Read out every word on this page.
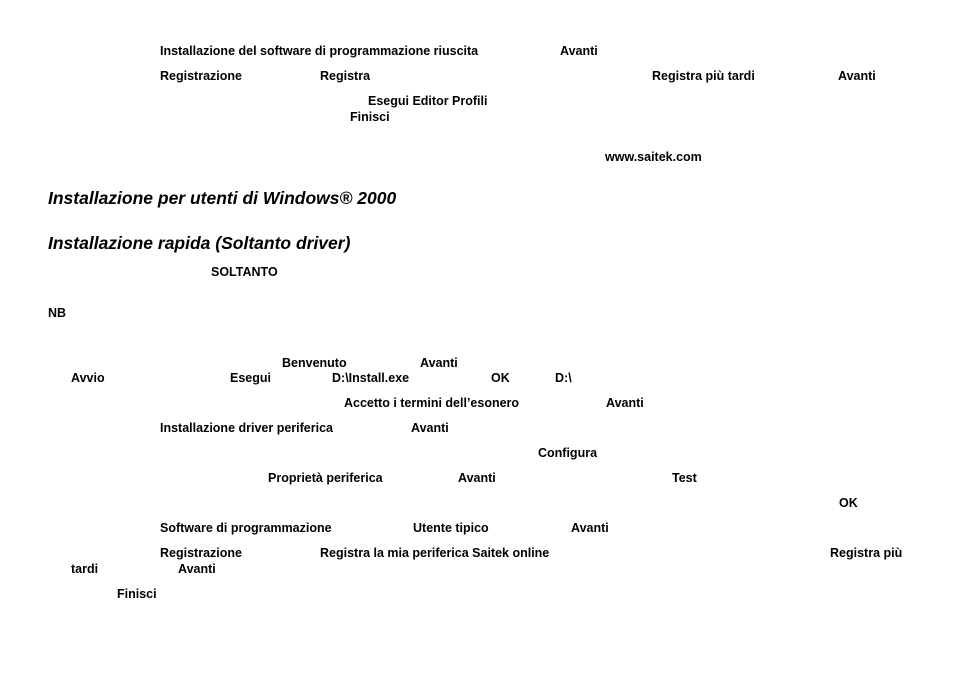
Installazione del software di programmazione riuscita	Avanti
Registrazione	Registra	Registra più tardi	Avanti
Esegui Editor Profili
Finisci
www.saitek.com
Installazione per utenti di Windows® 2000
Installazione rapida (Soltanto driver)
SOLTANTO
NB
Benvenuto	Avanti
Avvio	Esegui	D:\Install.exe	OK	D:\
Accetto i termini dell’esonero	Avanti
Installazione driver periferica	Avanti
Configura
Proprietà periferica	Avanti	Test
OK
Software di programmazione	Utente tipico	Avanti
Registrazione	Registra la mia periferica Saitek online	Registra più
tardi	Avanti
Finisci
